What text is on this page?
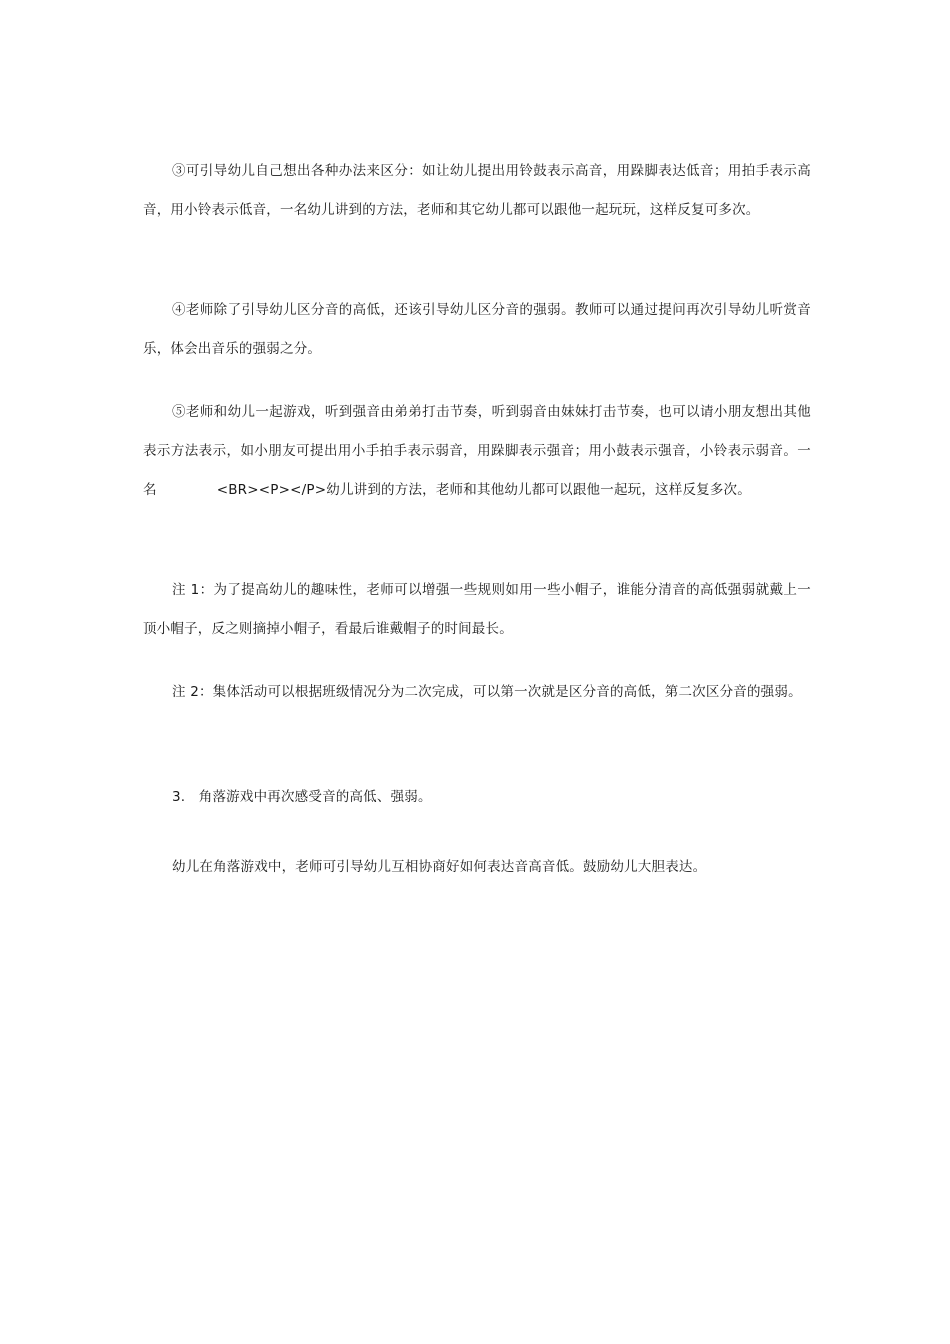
③可引导幼儿自己想出各种办法来区分：如让幼儿提出用铃鼓表示高音，用跺脚表达低音；用拍手表示高音，用小铃表示低音，一名幼儿讲到的方法，老师和其它幼儿都可以跟他一起玩玩，这样反复可多次。

④老师除了引导幼儿区分音的高低，还该引导幼儿区分音的强弱。教师可以通过提问再次引导幼儿听赏音乐，体会出音乐的强弱之分。

⑤老师和幼儿一起游戏，听到强音由弟弟打击节奏，听到弱音由妹妹打击节奏，也可以请小朋友想出其他表示方法表示，如小朋友可提出用小手拍手表示弱音，用跺脚表示强音；用小鼓表示强音，小铃表示弱音。一名	<BR><P></P>幼儿讲到的方法，老师和其他幼儿都可以跟他一起玩，这样反复多次。

注 1：为了提高幼儿的趣味性，老师可以增强一些规则如用一些小帽子，谁能分清音的高低强弱就戴上一顶小帽子，反之则摘掉小帽子，看最后谁戴帽子的时间最长。

注 2：集体活动可以根据班级情况分为二次完成，可以第一次就是区分音的高低，第二次区分音的强弱。

3. 角落游戏中再次感受音的高低、强弱。

幼儿在角落游戏中，老师可引导幼儿互相协商好如何表达音高音低。鼓励幼儿大胆表达。
